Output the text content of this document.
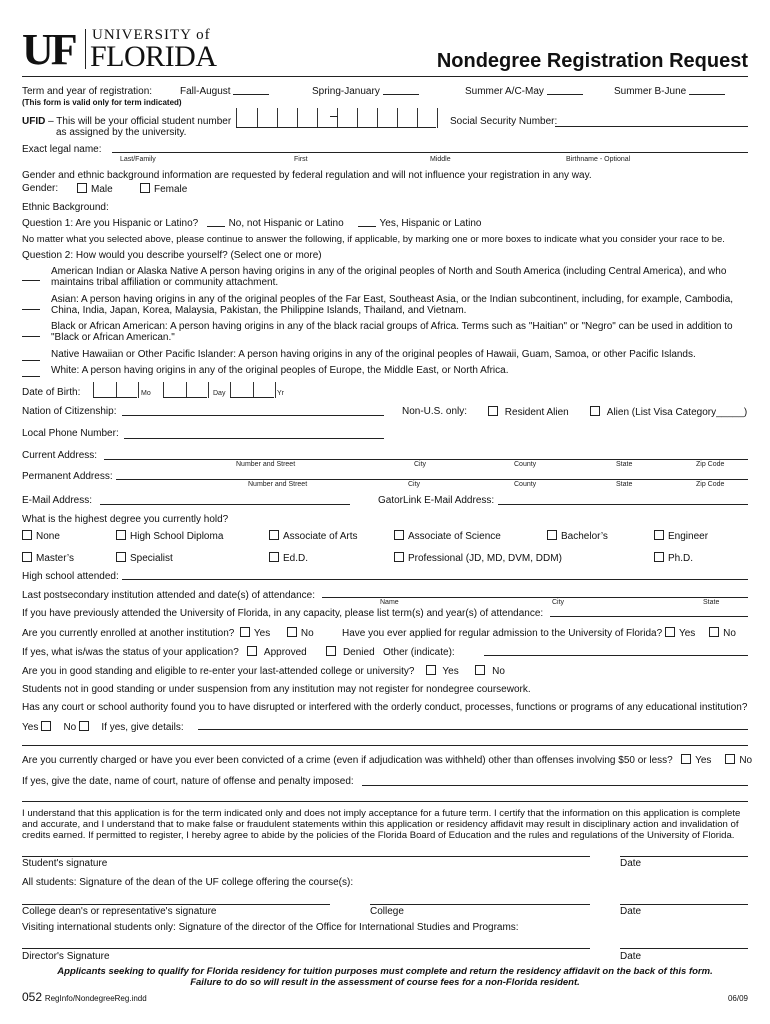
UF UNIVERSITY of
FLORIDA	Nondegree Registration Request
Term and year of registration:
(This form is valid only for term indicated)
Fall-August	Spring-January	Summer A/C-May	Summer B-June
UFID – This will be your official student number
as assigned by the university.
Social Security Number:
Exact legal name:
Last/Family	First	Middle	Birthname - Optional
Gender and ethnic background information are requested by federal regulation and will not influence your registration in any way.
Gender:	Male	Female
Ethnic Background:
Question 1: Are you Hispanic or Latino?	No, not Hispanic or Latino	Yes, Hispanic or Latino
No matter what you selected above, please continue to answer the following, if applicable, by marking one or more boxes to indicate what you consider your race to be.
Question 2: How would you describe yourself? (Select one or more)
American Indian or Alaska Native A person having origins in any of the original peoples of North and South America (including Central America), and who maintains tribal affiliation or community attachment.
Asian: A person having origins in any of the original peoples of the Far East, Southeast Asia, or the Indian subcontinent, including, for example, Cambodia, China, India, Japan, Korea, Malaysia, Pakistan, the Philippine Islands, Thailand, and Vietnam.
Black or African American: A person having origins in any of the black racial groups of Africa. Terms such as "Haitian" or "Negro" can be used in addition to "Black or African American."
Native Hawaiian or Other Pacific Islander: A person having origins in any of the original peoples of Hawaii, Guam, Samoa, or other Pacific Islands.
White: A person having origins in any of the original peoples of Europe, the Middle East, or North Africa.
Date of Birth:	Mo	Day	Yr
Nation of Citizenship:	Non-U.S. only:	Resident Alien	Alien (List Visa Category_____)
Local Phone Number:
Current Address:
Number and Street	City	County	State	Zip Code
Permanent Address:
Number and Street	City	County	State	Zip Code
E-Mail Address:	GatorLink E-Mail Address:
What is the highest degree you currently hold?
None	High School Diploma	Associate of Arts	Associate of Science	Bachelor’s	Engineer
Master’s	Specialist	Ed.D.	Professional (JD, MD, DVM, DDM)	Ph.D.
High school attended:
Last postsecondary institution attended and date(s) of attendance:
Name	City	State
If you have previously attended the University of Florida, in any capacity, please list term(s) and year(s) of attendance:
Are you currently enrolled at another institution? Yes	No	Have you ever applied for regular admission to the University of Florida? Yes	No
If yes, what is/was the status of your application?	Approved	Denied Other (indicate):
Are you in good standing and eligible to re-enter your last-attended college or university?	Yes	No
Students not in good standing or under suspension from any institution may not register for nondegree coursework.
Has any court or school authority found you to have disrupted or interfered with the orderly conduct, processes, functions or programs of any educational institution?
Yes	No	If yes, give details:
Are you currently charged or have you ever been convicted of a crime (even if adjudication was withheld) other than offenses involving $50 or less? Yes	No
If yes, give the date, name of court, nature of offense and penalty imposed:
I understand that this application is for the term indicated only and does not imply acceptance for a future term. I certify that the information on this application is complete and accurate, and I understand that to make false or fraudulent statements within this application or residency affidavit may result in disciplinary action and invalidation of credits earned. If permitted to register, I hereby agree to abide by the policies of the Florida Board of Education and the rules and regulations of the University of Florida.
Student's signature	Date
All students: Signature of the dean of the UF college offering the course(s):
College dean's or representative's signature	College	Date
Visiting international students only: Signature of the director of the Office for International Studies and Programs:
Director's Signature	Date
Applicants seeking to qualify for Florida residency for tuition purposes must complete and return the residency affidavit on the back of this form.
Failure to do so will result in the assessment of course fees for a non-Florida resident.
052 RegInfo/NondegreeReg.indd	06/09
